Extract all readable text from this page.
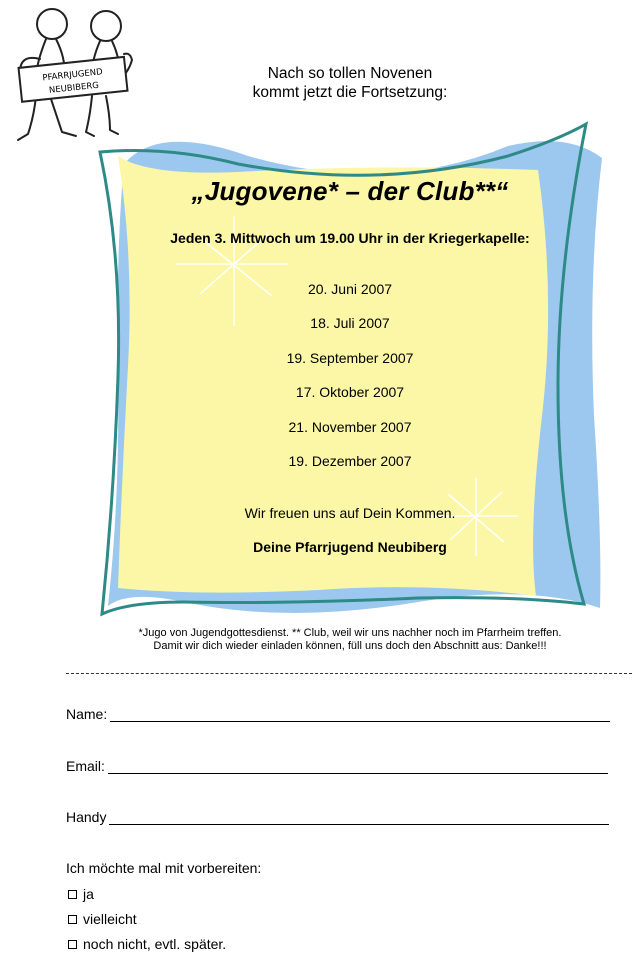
PFARRJUGEND
NEUBIBERG
Nach so tollen Novenen
kommt jetzt die Fortsetzung:
„Jugovene* – der Club**“
Jeden 3. Mittwoch um 19.00 Uhr in der Kriegerkapelle:
20. Juni 2007
18. Juli 2007
19. September 2007
17. Oktober 2007
21. November 2007
19. Dezember 2007
Wir freuen uns auf Dein Kommen.
Deine Pfarrjugend Neubiberg
*Jugo von Jugendgottesdienst. ** Club, weil wir uns nachher noch im Pfarrheim treffen.
Damit wir dich wieder einladen können, füll uns doch den Abschnitt aus: Danke!!!
Name:
Email:
Handy
Ich möchte mal mit vorbereiten:
ja
vielleicht
noch nicht, evtl. später.
